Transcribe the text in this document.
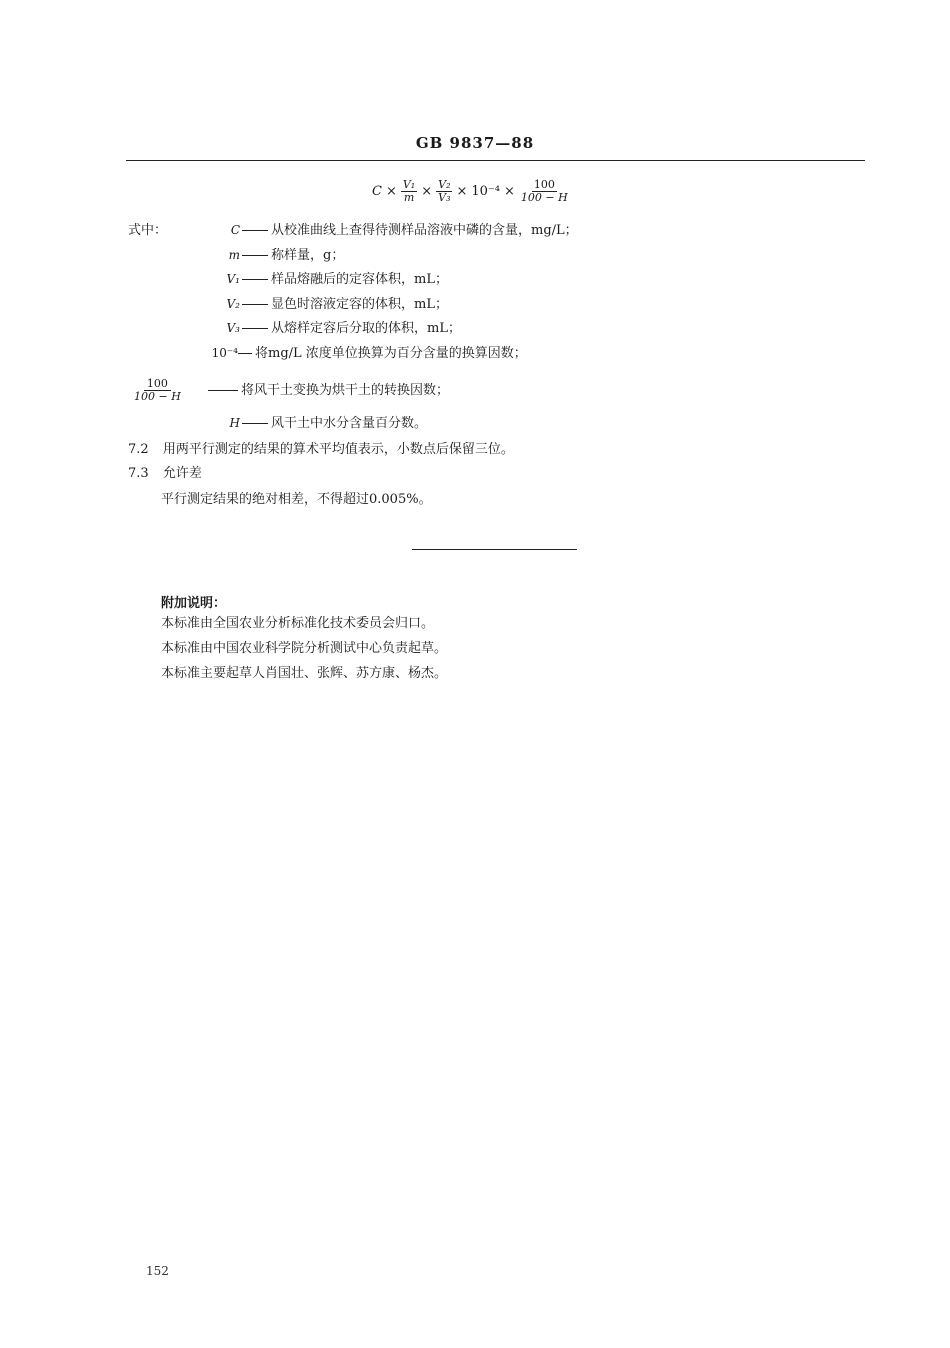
GB 9837—88
$C \times \frac{\text{V₁}}{m} \times \frac{\text{V₂}}{\text{V₃}} \times 10^{-4} \times \frac{100}{100 - H}$
式中：	C	从校准曲线上查得待测样品溶液中磷的含量，mg/L；
m	称样量，g；
V₁	样品熔融后的定容体积，mL；
V₂	显色时溶液定容的体积，mL；
V₃	从熔样定容后分取的体积，mL；
10⁻⁴	将mg/L 浓度单位换算为百分含量的换算因数；
$\frac{100}{100 - H}$	将风干土变换为烘干土的转换因数；
H	风干土中水分含量百分数。
7.2 用两平行测定的结果的算术平均值表示，小数点后保留三位。
7.3 允许差
平行测定结果的绝对相差，不得超过0.005%。
附加说明：
本标准由全国农业分析标准化技术委员会归口。
本标准由中国农业科学院分析测试中心负责起草。
本标准主要起草人肖国壮、张辉、苏方康、杨杰。
152
